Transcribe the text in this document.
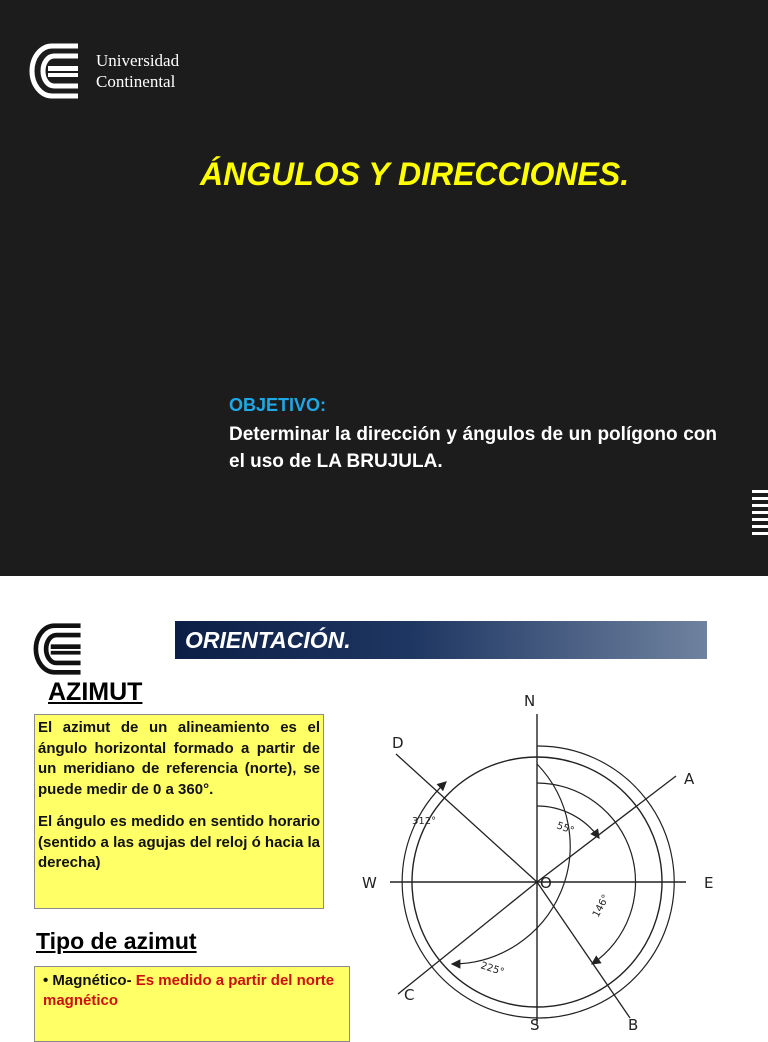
Universidad
Continental
ÁNGULOS Y DIRECCIONES.
OBJETIVO:
Determinar la dirección y ángulos de un polígono con el uso de LA BRUJULA.
ORIENTACIÓN.
AZIMUT

El azimut de un alineamiento es el ángulo horizontal formado a partir de un meridiano de referencia (norte), se puede medir de 0 a 360°.

El ángulo es medido en sentido horario (sentido a las agujas del reloj ó hacia la derecha)

Tipo de azimut
• Magnético- Es medido a partir del norte magnético
N
S
E
W	O
A
B
C
D
55°
146°
225°
312°
